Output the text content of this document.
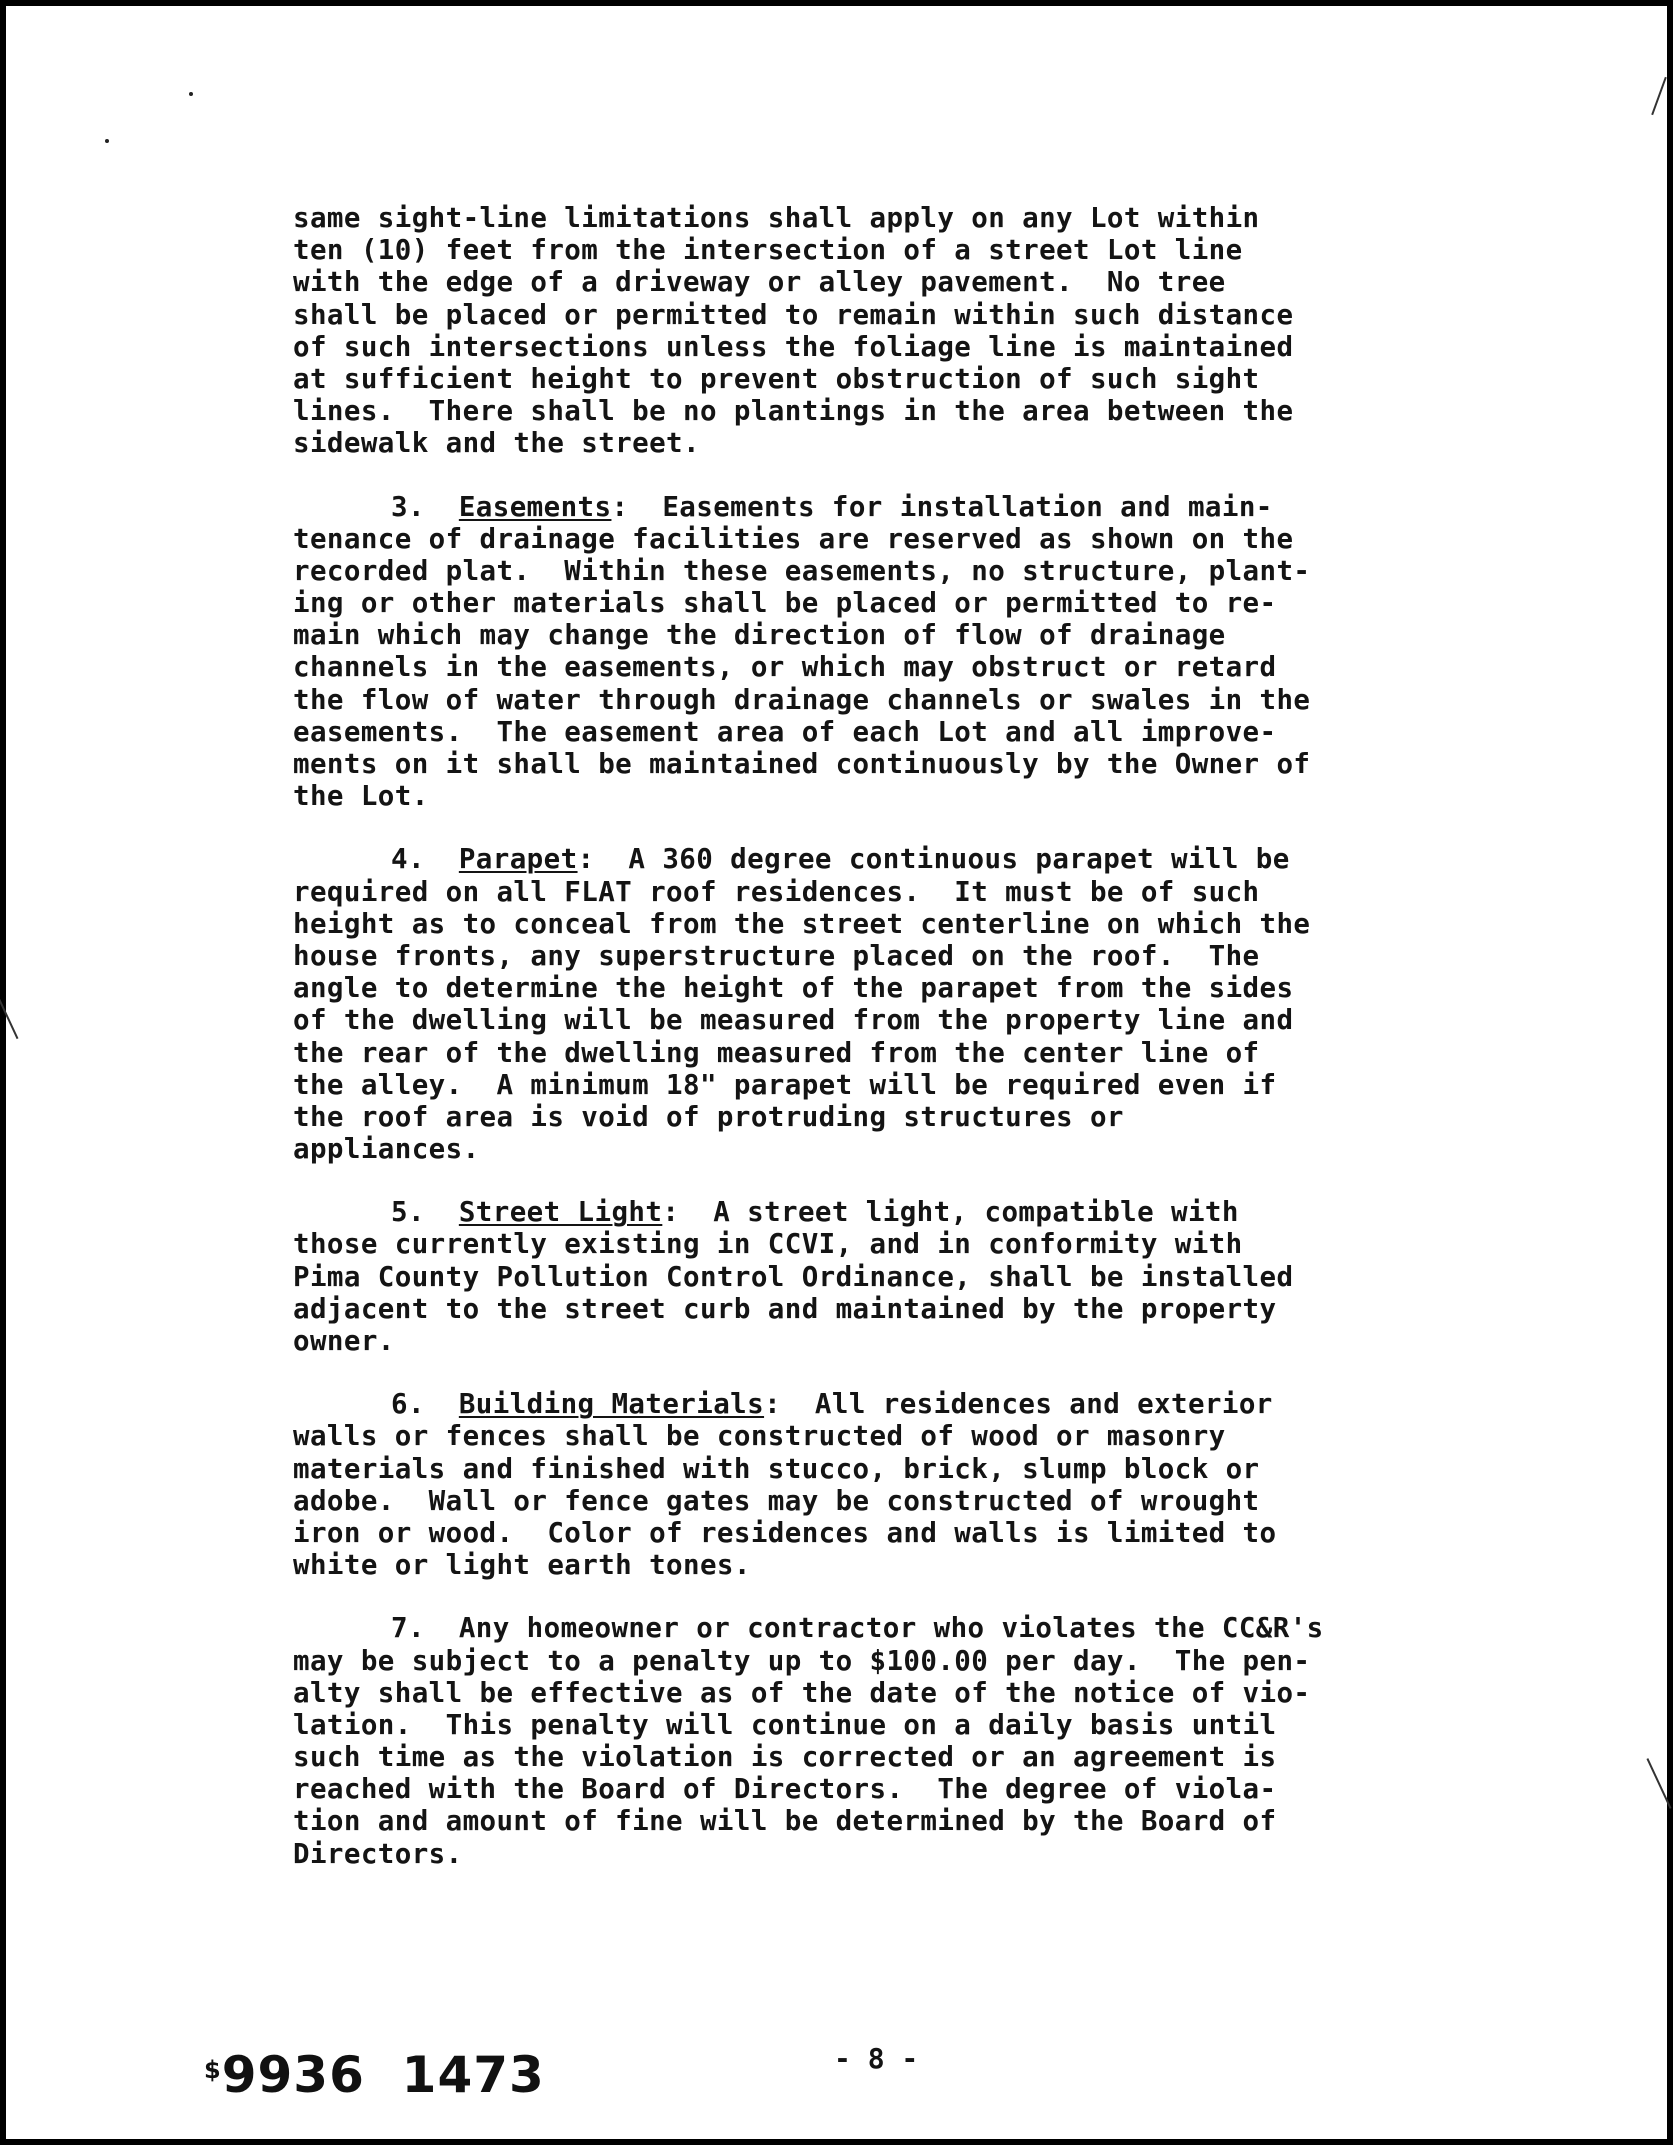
same sight-line limitations shall apply on any Lot within
ten (10) feet from the intersection of a street Lot line
with the edge of a driveway or alley pavement.  No tree
shall be placed or permitted to remain within such distance
of such intersections unless the foliage line is maintained
at sufficient height to prevent obstruction of such sight
lines.  There shall be no plantings in the area between the
sidewalk and the street.
3. Easements:  Easements for installation and main-
tenance of drainage facilities are reserved as shown on the
recorded plat.  Within these easements, no structure, plant-
ing or other materials shall be placed or permitted to re-
main which may change the direction of flow of drainage
channels in the easements, or which may obstruct or retard
the flow of water through drainage channels or swales in the
easements.  The easement area of each Lot and all improve-
ments on it shall be maintained continuously by the Owner of
the Lot.
4. Parapet:  A 360 degree continuous parapet will be
required on all FLAT roof residences.  It must be of such
height as to conceal from the street centerline on which the
house fronts, any superstructure placed on the roof.  The
angle to determine the height of the parapet from the sides
of the dwelling will be measured from the property line and
the rear of the dwelling measured from the center line of
the alley.  A minimum 18" parapet will be required even if
the roof area is void of protruding structures or
appliances.
5. Street Light:  A street light, compatible with
those currently existing in CCVI, and in conformity with
Pima County Pollution Control Ordinance, shall be installed
adjacent to the street curb and maintained by the property
owner.
6. Building Materials:  All residences and exterior
walls or fences shall be constructed of wood or masonry
materials and finished with stucco, brick, slump block or
adobe.  Wall or fence gates may be constructed of wrought
iron or wood.  Color of residences and walls is limited to
white or light earth tones.
7. Any homeowner or contractor who violates the CC&R's
may be subject to a penalty up to $100.00 per day.  The pen-
alty shall be effective as of the date of the notice of vio-
lation.  This penalty will continue on a daily basis until
such time as the violation is corrected or an agreement is
reached with the Board of Directors.  The degree of viola-
tion and amount of fine will be determined by the Board of
Directors.
- 8 -
$9936  1473
